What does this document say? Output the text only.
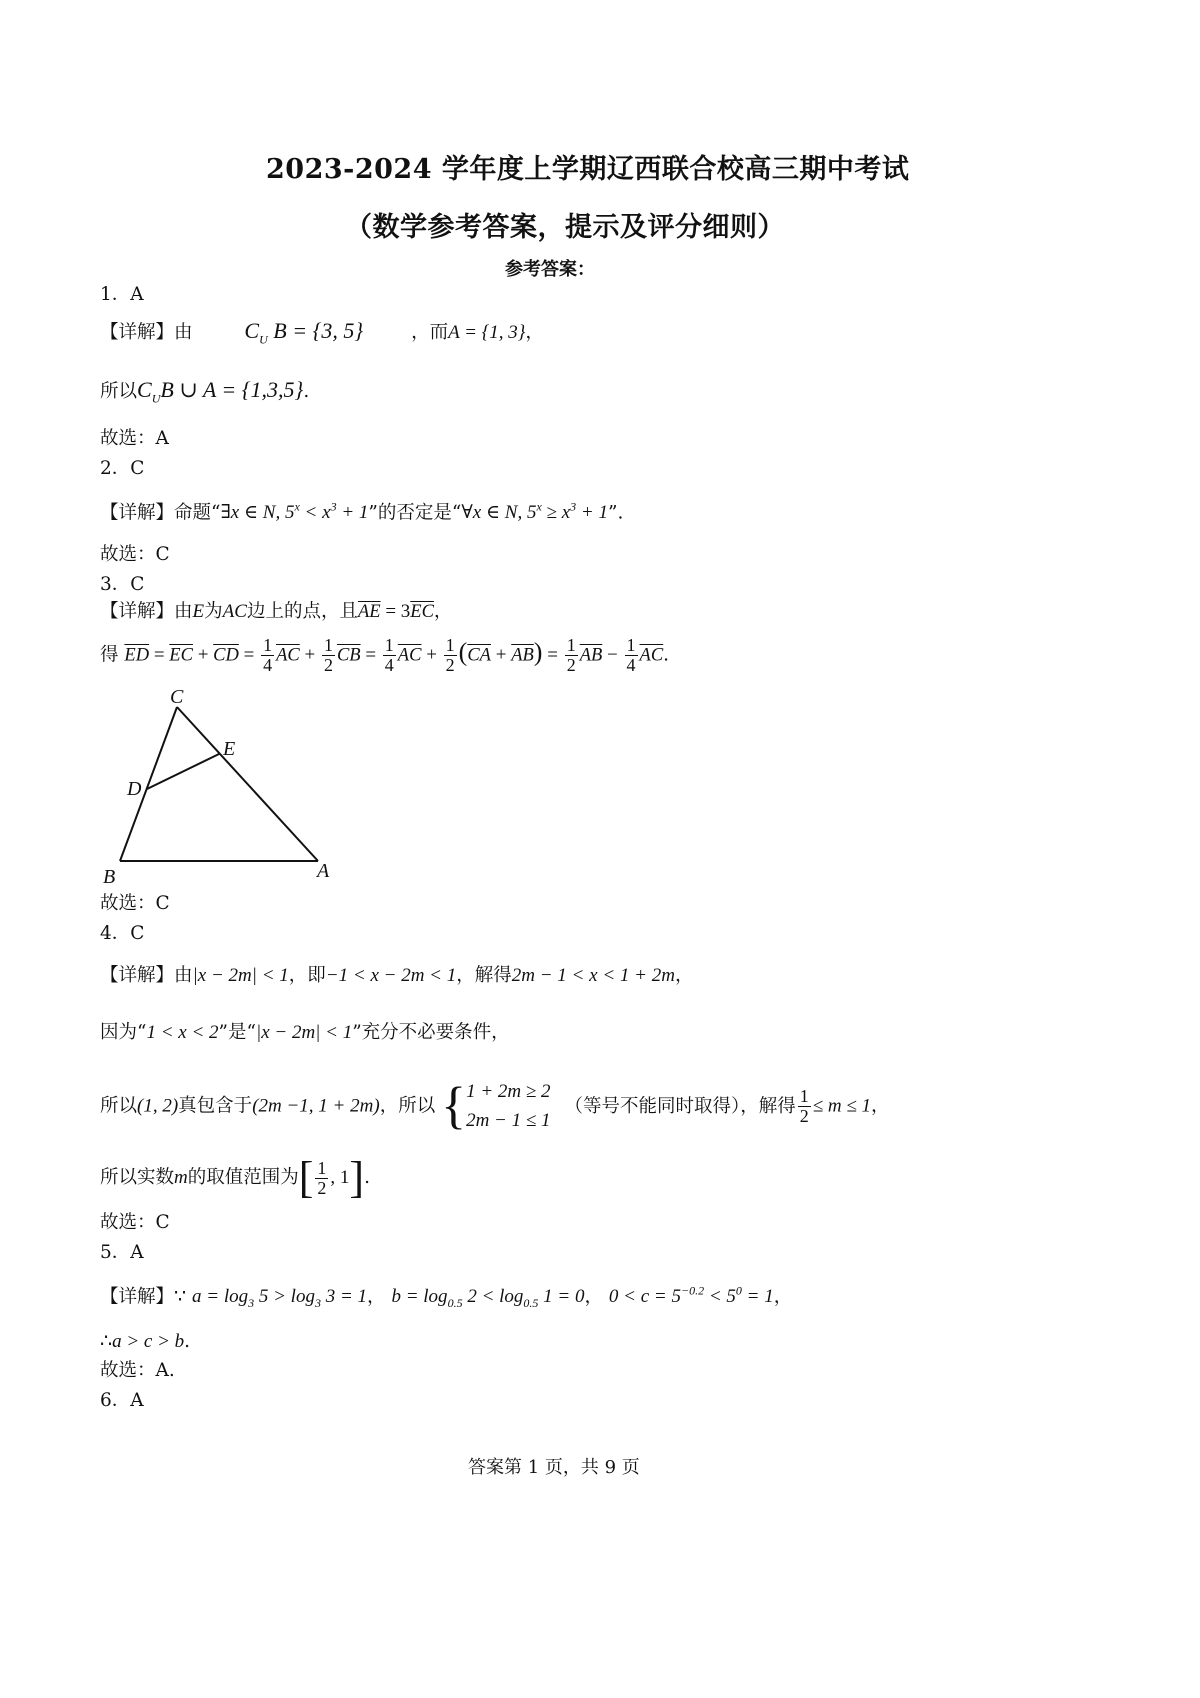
2023-2024 学年度上学期辽西联合校高三期中考试
（数学参考答案，提示及评分细则）
参考答案：
1．A
【详解】由 $C_U$ B = {3, 5}	，而A = {1, 3}，
所以$C_UB$ ∪ A = {1,3,5}.
故选：A
2．C
【详解】命题“∃x ∈ N, $5^x < x^3 + 1$”的否定是“∀x ∈ N, $5^x \ge x^3 + 1$”.
故选：C
3．C
【详解】由E为AC边上的点，且$\overline{AE} = 3\overline{EC}$，
得 $\overline{ED} = \overline{EC} + \overline{CD} = \frac{1}{4} \overline{AC} + \frac{1}{2} \overline{CB} = \frac{1}{4} \overline{AC} + \frac{1}{2} (\overline{CA} + \overline{AB}) = \frac{1}{2} \overline{AB} - \frac{1}{4} \overline{AC}$.
C
E
D
B	A
故选：C
4．C
【详解】由|x − 2m| < 1，即−1 < x − 2m < 1，解得2m − 1 < x < 1 + 2m，
因为“1 < x < 2”是“|x − 2m| < 1”充分不必要条件，
所以(1, 2)真包含于(2m −1, 1 + 2m)，所以 { 1 + 2m ≥ 2
2m − 1 ≤ 1
（等号不能同时取得），解得 $\frac{1}{2} \le m \le 1$，
所以实数m的取值范围为[ $\frac{1}{2}$ , 1].
故选：C
5．A
【详解】∵ $a = \log_3 5 > \log_3 3 = 1$， $b = \log_{0.5} 2 < \log_{0.5} 1 = 0$， $0 < c = 5^{-0.2} < 5^0 = 1$，
∴a > c > b.
故选：A.
6．A
答案第 1 页，共 9 页
